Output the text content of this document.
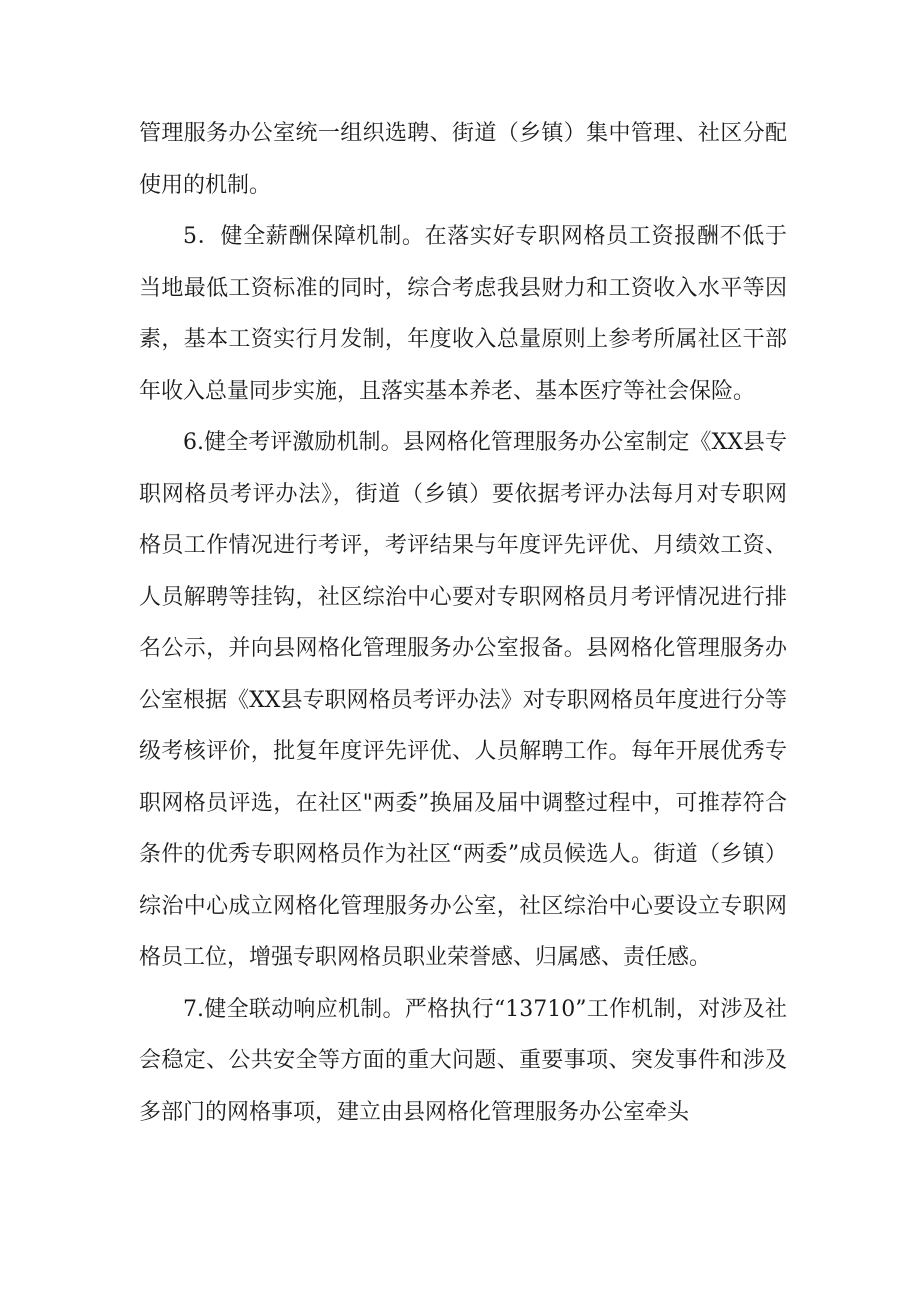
管理服务办公室统一组织选聘、街道（乡镇）集中管理、社区分配使用的机制。

5．健全薪酬保障机制。在落实好专职网格员工资报酬不低于当地最低工资标准的同时，综合考虑我县财力和工资收入水平等因素，基本工资实行月发制，年度收入总量原则上参考所属社区干部年收入总量同步实施，且落实基本养老、基本医疗等社会保险。

6.健全考评激励机制。县网格化管理服务办公室制定《XX县专职网格员考评办法》，街道（乡镇）要依据考评办法每月对专职网格员工作情况进行考评，考评结果与年度评先评优、月绩效工资、人员解聘等挂钩，社区综治中心要对专职网格员月考评情况进行排名公示，并向县网格化管理服务办公室报备。县网格化管理服务办公室根据《XX县专职网格员考评办法》对专职网格员年度进行分等级考核评价，批复年度评先评优、人员解聘工作。每年开展优秀专职网格员评选，在社区"两委”换届及届中调整过程中，可推荐符合条件的优秀专职网格员作为社区“两委”成员候选人。街道（乡镇）综治中心成立网格化管理服务办公室，社区综治中心要设立专职网格员工位，增强专职网格员职业荣誉感、归属感、责任感。

7.健全联动响应机制。严格执行“13710”工作机制，对涉及社会稳定、公共安全等方面的重大问题、重要事项、突发事件和涉及多部门的网格事项，建立由县网格化管理服务办公室牵头
